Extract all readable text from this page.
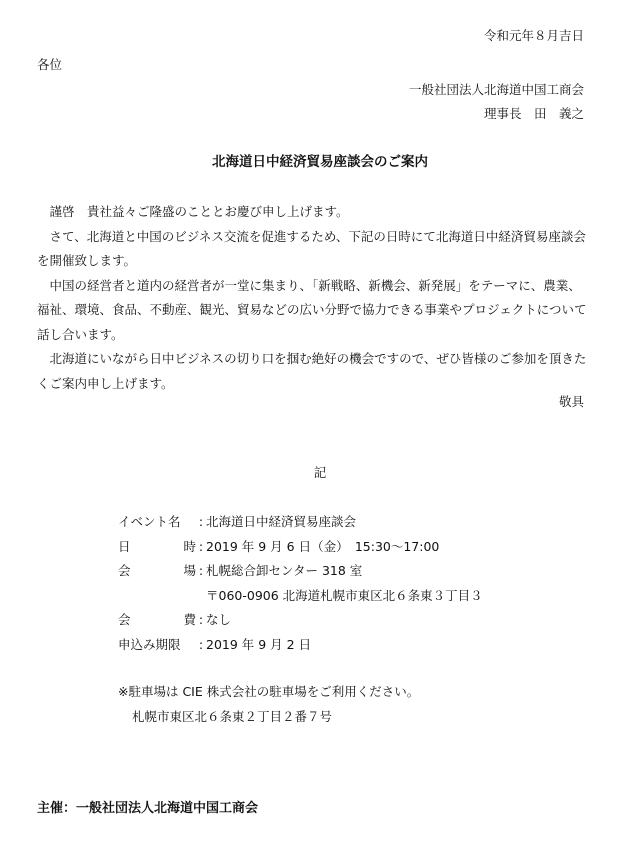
令和元年８月吉日
各位
一般社団法人北海道中国工商会
理事長　田　義之
北海道日中経済貿易座談会のご案内

　謹啓　貴社益々ご隆盛のこととお慶び申し上げます。

　さて、北海道と中国のビジネス交流を促進するため、下記の日時にて北海道日中経済貿易座談会を開催致します。

　中国の経営者と道内の経営者が一堂に集まり、「新戦略、新機会、新発展」をテーマに、農業、福祉、環境、食品、不動産、観光、貿易などの広い分野で協力できる事業やプロジェクトについて話し合います。

　北海道にいながら日中ビジネスの切り口を掴む絶好の機会ですので、ぜひ皆様のご参加を頂きたくご案内申し上げます。

敬具
記
イベント名 : 北海道日中経済貿易座談会
日	時 : 2019 年 9 月 6 日（金）　15:30〜17:00
会	場 : 札幌総合卸センター 318 室
〒060-0906 北海道札幌市東区北６条東３丁目３
会	費 : なし
申込み期限 : 2019 年 9 月 2 日
※駐車場は CIE 株式会社の駐車場をご利用ください。
札幌市東区北６条東２丁目２番７号
主催：一般社団法人北海道中国工商会
